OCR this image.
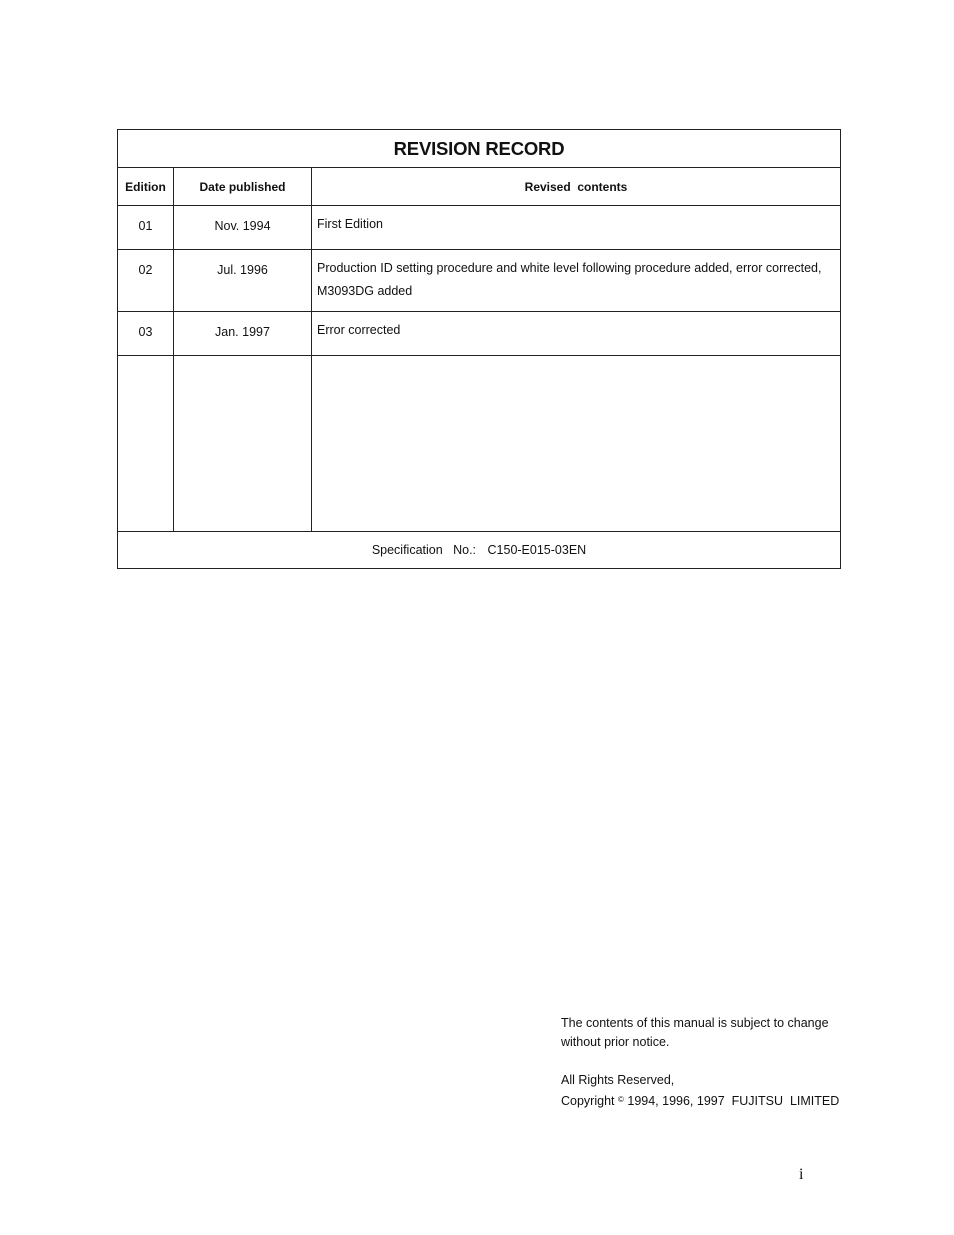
REVISION RECORD		
Edition	Date published	Revised  contents
01	Nov. 1994	First Edition
02	Jul. 1996	Production ID setting procedure and white level following procedure added, error corrected, M3093DG added
03	Jan. 1997	Error corrected

Specification   No.: C150-E015-03EN		

The contents of this manual is subject to change

without prior notice.

All Rights Reserved,

Copyright © 1994, 1996, 1997  FUJITSU  LIMITED

i
